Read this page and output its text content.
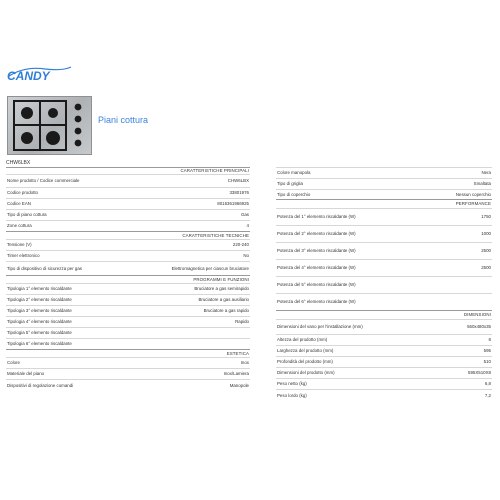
CANDY
Piani cottura
CHW6LBX
CARATTERISTICHE PRINCIPALI	
Nome prodotto / Codice commerciale	CHW6LBX
Codice prodotto	33801976
Codice EAN	8016361966925
Tipo di piano cottura	Gas
Zone cottura	4
CARATTERISTICHE TECNICHE	
Tensione (V)	220-240
Timer elettronico	No
Tipo di dispositivo di sicurezza per gas	Elettromagnetica per ciascun bruciatore
PROGRAMMI E FUNZIONI	
Tipologia 1° elemento riscaldante	Bruciatore a gas semirapido
Tipologia 2° elemento riscaldante	Bruciatore a gas ausiliario
Tipologia 3° elemento riscaldante	Bruciatore a gas rapido
Tipologia 4° elemento riscaldante	Rapido
Tipologia 5° elemento riscaldante	
Tipologia 6° elemento riscaldante	
ESTETICA	
Colore	Inox
Materiale del piano	Inox/Lamiera
Dispositivi di regolazione comandi	Manopole
Colore manopola	Nera
Tipo di griglia	Smaltata
Tipo di coperchio	Nessun coperchio
PERFORMANCE	
Potenza del 1° elemento riscaldante (W)	1750
Potenza del 2° elemento riscaldante (W)	1000
Potenza del 3° elemento riscaldante (W)	2500
Potenza del 4° elemento riscaldante (W)	2500
Potenza del 5° elemento riscaldante (W)	
Potenza del 6° elemento riscaldante (W)	
DIMENSIONI	
Dimensioni del vano per l'installazione (mm)	560x480x35
Altezza del prodotto (mm)	8
Larghezza del prodotto (mm)	595
Profondità del prodotto (mm)	510
Dimensioni del prodotto (mm)	595X510X8
Peso netto (kg)	6,8
Peso lordo (kg)	7,2
